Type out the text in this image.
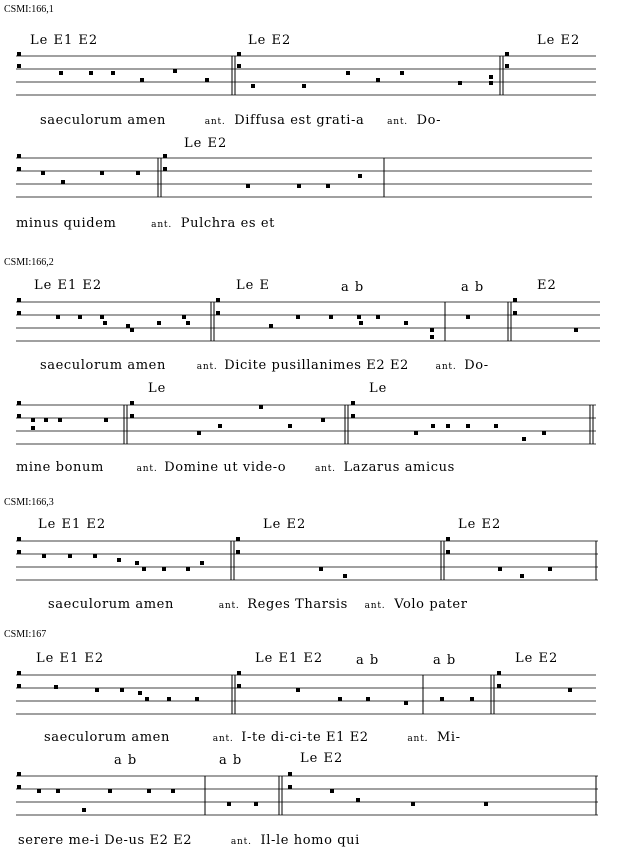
CSMI:166,1
CSMI:166,2
CSMI:166,3
CSMI:167
Le E1 E2	Le E2	Le E2
Le E2
Le E1 E2	Le E	a b	a b	E2
Le	Le
Le E1 E2	Le E2	Le E2
Le E1 E2	Le E1 E2	a b	a b	Le E2
a b	a b	Le E2
saeculorum amen	ant. Diffusa est grati-a	ant. Do-
minus quidem	ant. Pulchra es et
saeculorum amen	ant. Dicite pusillanimes E2 E2	ant. Do-
mine bonum	ant. Domine ut vide-o	ant. Lazarus amicus
saeculorum amen	ant. Reges Tharsis ant. Volo pater
saeculorum amen	ant. I-te di-ci-te E1 E2	ant. Mi-
serere me-i De-us E2 E2	ant. Il-le homo qui
